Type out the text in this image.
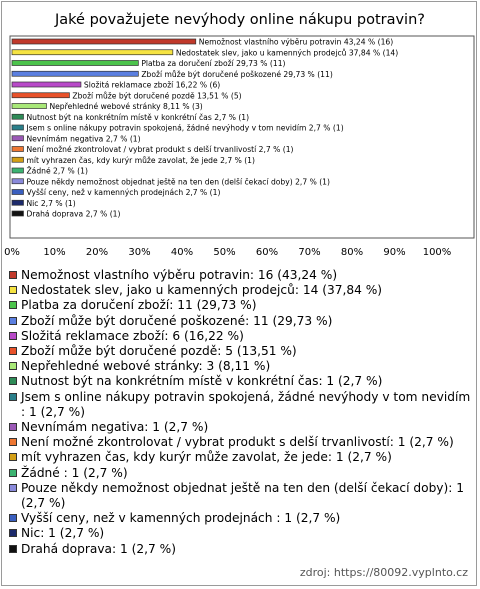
Jaké považujete nevýhody online nákupu potravin?
Nemožnost vlastního výběru potravin 43,24 % (16)
Nedostatek slev, jako u kamenných prodejců 37,84 % (14)
Platba za doručení zboží 29,73 % (11)
Zboží může být doručené poškozené 29,73 % (11)
Složitá reklamace zboží 16,22 % (6)
Zboží může být doručené pozdě 13,51 % (5)
Nepřehledné webové stránky 8,11 % (3)
Nutnost být na konkrétním místě v konkrétní čas 2,7 % (1)
Jsem s online nákupy potravin spokojená, žádné nevýhody v tom nevidím 2,7 % (1)
Nevnímám negativa 2,7 % (1)
Není možné zkontrolovat / vybrat produkt s delší trvanlivostí 2,7 % (1)
mít vyhrazen čas, kdy kurýr může zavolat, že jede 2,7 % (1)
Žádné 2,7 % (1)
Pouze někdy nemožnost objednat ještě na ten den (delší čekací doby) 2,7 % (1)
Vyšší ceny, než v kamenných prodejnách 2,7 % (1)
Nic 2,7 % (1)
Drahá doprava 2,7 % (1)
0% 10% 20% 30% 40% 50% 60% 70% 80% 90% 100%
Nemožnost vlastního výběru potravin: 16 (43,24 %)
Nedostatek slev, jako u kamenných prodejců: 14 (37,84 %)
Platba za doručení zboží: 11 (29,73 %)
Zboží může být doručené poškozené: 11 (29,73 %)
Složitá reklamace zboží: 6 (16,22 %)
Zboží může být doručené pozdě: 5 (13,51 %)
Nepřehledné webové stránky: 3 (8,11 %)
Nutnost být na konkrétním místě v konkrétní čas: 1 (2,7 %)
Jsem s online nákupy potravin spokojená, žádné nevýhody v tom nevidím : 1 (2,7 %)
Nevnímám negativa: 1 (2,7 %)
Není možné zkontrolovat / vybrat produkt s delší trvanlivostí: 1 (2,7 %)
mít vyhrazen čas, kdy kurýr může zavolat, že jede: 1 (2,7 %)
Žádné : 1 (2,7 %)
Pouze někdy nemožnost objednat ještě na ten den (delší čekací doby): 1 (2,7 %)
Vyšší ceny, než v kamenných prodejnách : 1 (2,7 %)
Nic: 1 (2,7 %)
Drahá doprava: 1 (2,7 %)
zdroj: https://80092.vyplnto.cz
